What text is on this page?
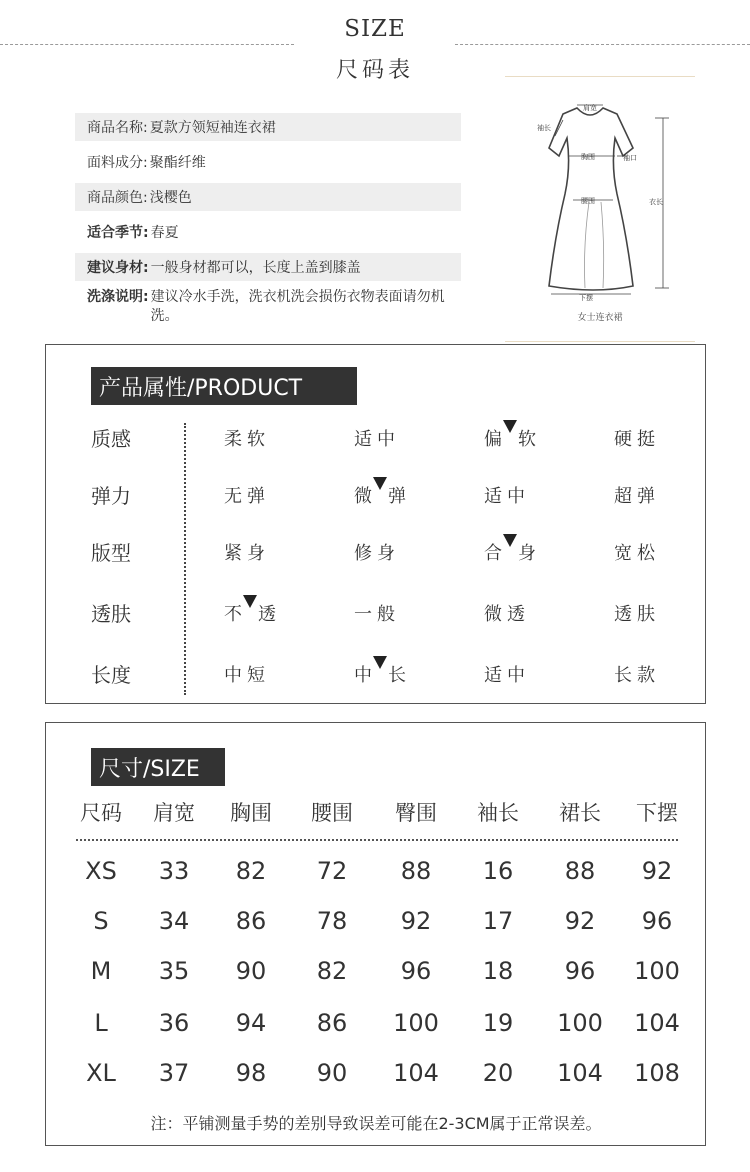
SIZE
尺码表
商品名称: 夏款方领短袖连衣裙
面料成分: 聚酯纤维
商品颜色: 浅樱色
适合季节: 春夏
建议身材: 一般身材都可以，长度上盖到膝盖
洗涤说明: 建议冷水手洗，洗衣机洗会损伤衣物表面请勿机洗。
肩宽
袖长
袖口
胸围
腰围	衣长
下摆
女士连衣裙
产品属性/PRODUCT
质感	柔软	适中	偏 软	硬挺
弹力	无弹	微 弹	适中	超弹
版型	紧身	修身	合 身	宽松
透肤	不 透	一般	微透	透肤
长度	中短	中 长	适中	长款
尺寸/SIZE
尺码 肩宽 胸围 腰围 臀围 袖长 裙长 下摆
注：平铺测量手势的差别导致误差可能在2-3CM属于正常误差。
XS 33 82 72 88 16 88 92
S 34 86 78 92 17 92 96
M 35 90 82 96 18 96 100
L 36 94 86 100 19 100 104
XL 37 98 90 104 20 104 108
